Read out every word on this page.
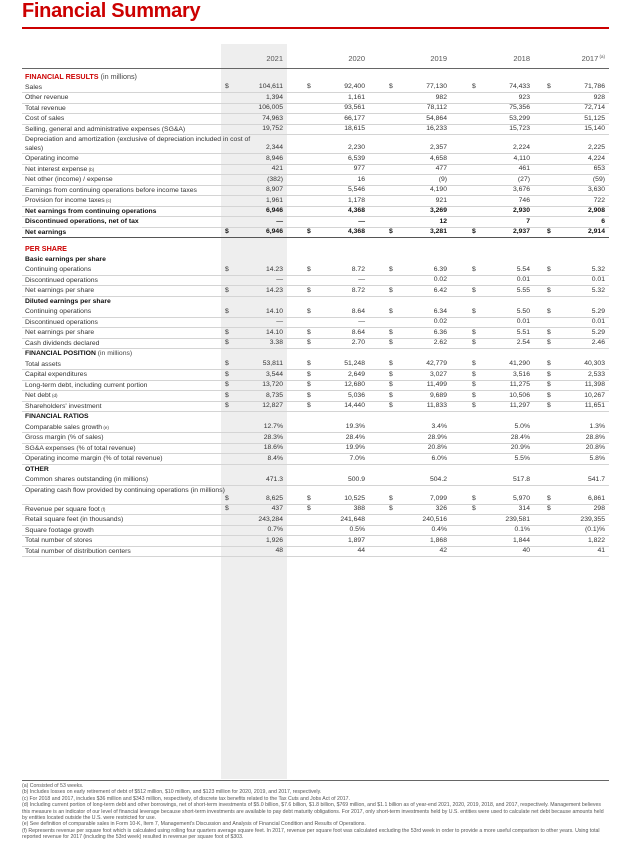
Financial Summary
2021	2020	2019	2018	2017 $^{(a)}$
FINANCIAL RESULTS (in millions)
Sales	$	104,611	$	92,400	$	77,130	$	74,433	$	71,786
Other revenue	1,394	1,161	982	923	928
Total revenue	106,005	93,561	78,112	75,356	72,714
Cost of sales	74,963	66,177	54,864	53,299	51,125
Selling, general and administrative expenses (SG&A)	19,752	18,615	16,233	15,723	15,140
Depreciation and amortization (exclusive of depreciation included in cost of sales)	2,344	2,230	2,357	2,224	2,225
Operating income	8,946	6,539	4,658	4,110	4,224
Net interest expense $^{(b)}$	421	977	477	461	653
Net other (income) / expense	(382)	16	(9)	(27)	(59)
Earnings from continuing operations before income taxes	8,907	5,546	4,190	3,676	3,630
Provision for income taxes $^{(c)}$	1,961	1,178	921	746	722
Net earnings from continuing operations	6,946	4,368	3,269	2,930	2,908
Discontinued operations, net of tax	—	—	12	7	6
Net earnings	$	6,946	$	4,368	$	3,281	$	2,937	$	2,914
PER SHARE
Basic earnings per share
Continuing operations	$	14.23	$	8.72	$	6.39	$	5.54	$	5.32
Discontinued operations	—	—	0.02	0.01	0.01
Net earnings per share	$	14.23	$	8.72	$	6.42	$	5.55	$	5.32
Diluted earnings per share
Continuing operations	$	14.10	$	8.64	$	6.34	$	5.50	$	5.29
Discontinued operations	—	—	0.02	0.01	0.01
Net earnings per share	$	14.10	$	8.64	$	6.36	$	5.51	$	5.29
Cash dividends declared	$	3.38	$	2.70	$	2.62	$	2.54	$	2.46
FINANCIAL POSITION (in millions)
Total assets	$	53,811	$	51,248	$	42,779	$	41,290	$	40,303
Capital expenditures	$	3,544	$	2,649	$	3,027	$	3,516	$	2,533
Long-term debt, including current portion	$	13,720	$	12,680	$	11,499	$	11,275	$	11,398
Net debt $^{(d)}$	$	8,735	$	5,036	$	9,689	$	10,506	$	10,267
Shareholders' investment	$	12,827	$	14,440	$	11,833	$	11,297	$	11,651
FINANCIAL RATIOS
Comparable sales growth $^{(e)}$	12.7%	19.3%	3.4%	5.0%	1.3%
Gross margin (% of sales)	28.3%	28.4%	28.9%	28.4%	28.8%
SG&A expenses (% of total revenue)	18.6%	19.9%	20.8%	20.9%	20.8%
Operating income margin (% of total revenue)	8.4%	7.0%	6.0%	5.5%	5.8%
OTHER
Common shares outstanding (in millions)	471.3	500.9	504.2	517.8	541.7
Operating cash flow provided by continuing operations (in millions)
$	8,625	$	10,525	$	7,099	$	5,970	$	6,861
Revenue per square foot $^{(f)}$	$	437	$	388	$	326	$	314	$	298
Retail square feet (in thousands)	243,284	241,648	240,516	239,581	239,355
Square footage growth	0.7%	0.5%	0.4%	0.1%	(0.1)%
Total number of stores	1,926	1,897	1,868	1,844	1,822
Total number of distribution centers	48	44	42	40	41
(a) Consisted of 53 weeks.
(b) Includes losses on early retirement of debt of $512 million, $10 million, and $123 million for 2020, 2019, and 2017, respectively.
(c) For 2018 and 2017, includes $36 million and $343 million, respectively, of discrete tax benefits related to the Tax Cuts and Jobs Act of 2017.
(d) Including current portion of long-term debt and other borrowings, net of short-term investments of $5.0 billion, $7.6 billion, $1.8 billion, $769 million, and $1.1 billion as of year-end 2021, 2020, 2019, 2018, and 2017, respectively. Management believes this measure is an indicator of our level of financial leverage because short-term investments are available to pay debt maturity obligations. For 2017, only short-term investments held by U.S. entities were used to calculate net debt because amounts held by entities located outside the U.S. were restricted for use.
(e) See definition of comparable sales in Form 10-K, Item 7, Management's Discussion and Analysis of Financial Condition and Results of Operations.
(f) Represents revenue per square foot which is calculated using rolling four quarters average square feet. In 2017, revenue per square foot was calculated excluding the 53rd week in order to provide a more useful comparison to other years. Using total reported revenue for 2017 (including the 53rd week) resulted in revenue per square foot of $303.
